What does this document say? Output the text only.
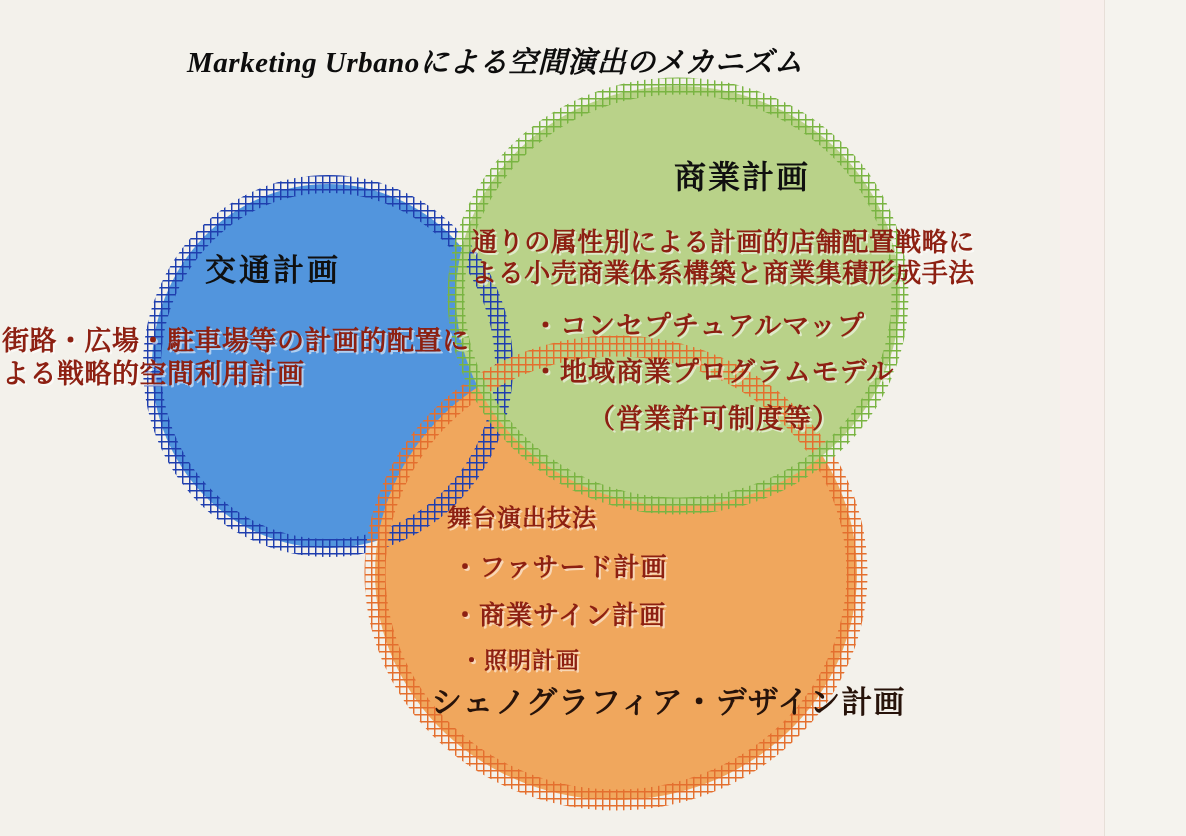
Marketing Urbanoによる空間演出のメカニズム
商業計画
通りの属性別による計画的店舗配置戦略に
よる小売商業体系構築と商業集積形成手法
・コンセプチュアルマップ
・地域商業プログラムモデル
（営業許可制度等）
交通計画
街路・広場・駐車場等の計画的配置に
よる戦略的空間利用計画
舞台演出技法
・ファサード計画
・商業サイン計画
・照明計画
シェノグラフィア・デザイン計画
